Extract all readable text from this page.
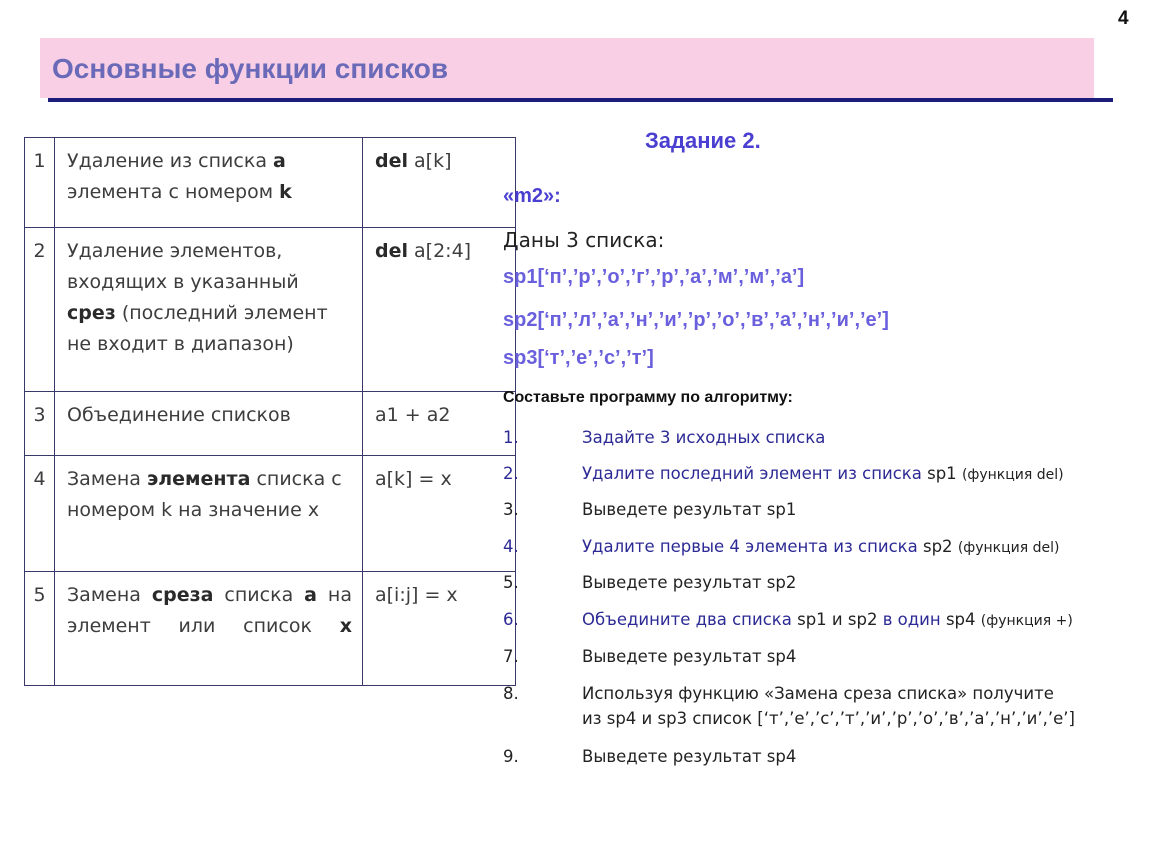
4
Основные функции списков
1	Удаление из списка a элемента с номером k	del a[k]
2	Удаление элементов, входящих в указанный срез (последний элемент не входит в диапазон)	del a[2:4]
3	Объединение списков	a1 + a2
4	Замена элемента списка с номером k на значение x	a[k] = x
5	Замена среза списка a на элемент или список x	a[i:j] = x
Задание 2.
«m2»:
Даны 3 списка:
sp1[‘п’,’р’,’о’,’г’,’р’,’а’,’м’,’м’,’а’]
sp2[‘п’,’л’,’а’,’н’,’и’,’р’,’о’,’в’,’а’,’н’,’и’,’е’]
sp3[‘т’,’е’,’с’,’т’]
Составьте программу по алгоритму:
1.	Задайте 3 исходных списка
2.	Удалите последний элемент из списка sp1 (функция del)
3.	Выведете результат sp1
4.	Удалите первые 4 элемента из списка sp2 (функция del)
5.	Выведете результат sp2
6.	Объедините два списка sp1 и sp2 в один sp4 (функция +)
7.	Выведете результат sp4
8.	Используя функцию «Замена среза списка» получите
из sp4 и sp3 список [‘т’,’е’,’с’,’т’,’и’,’р’,’о’,’в’,’а’,’н’,’и’,’е’]
9.	Выведете результат sp4
